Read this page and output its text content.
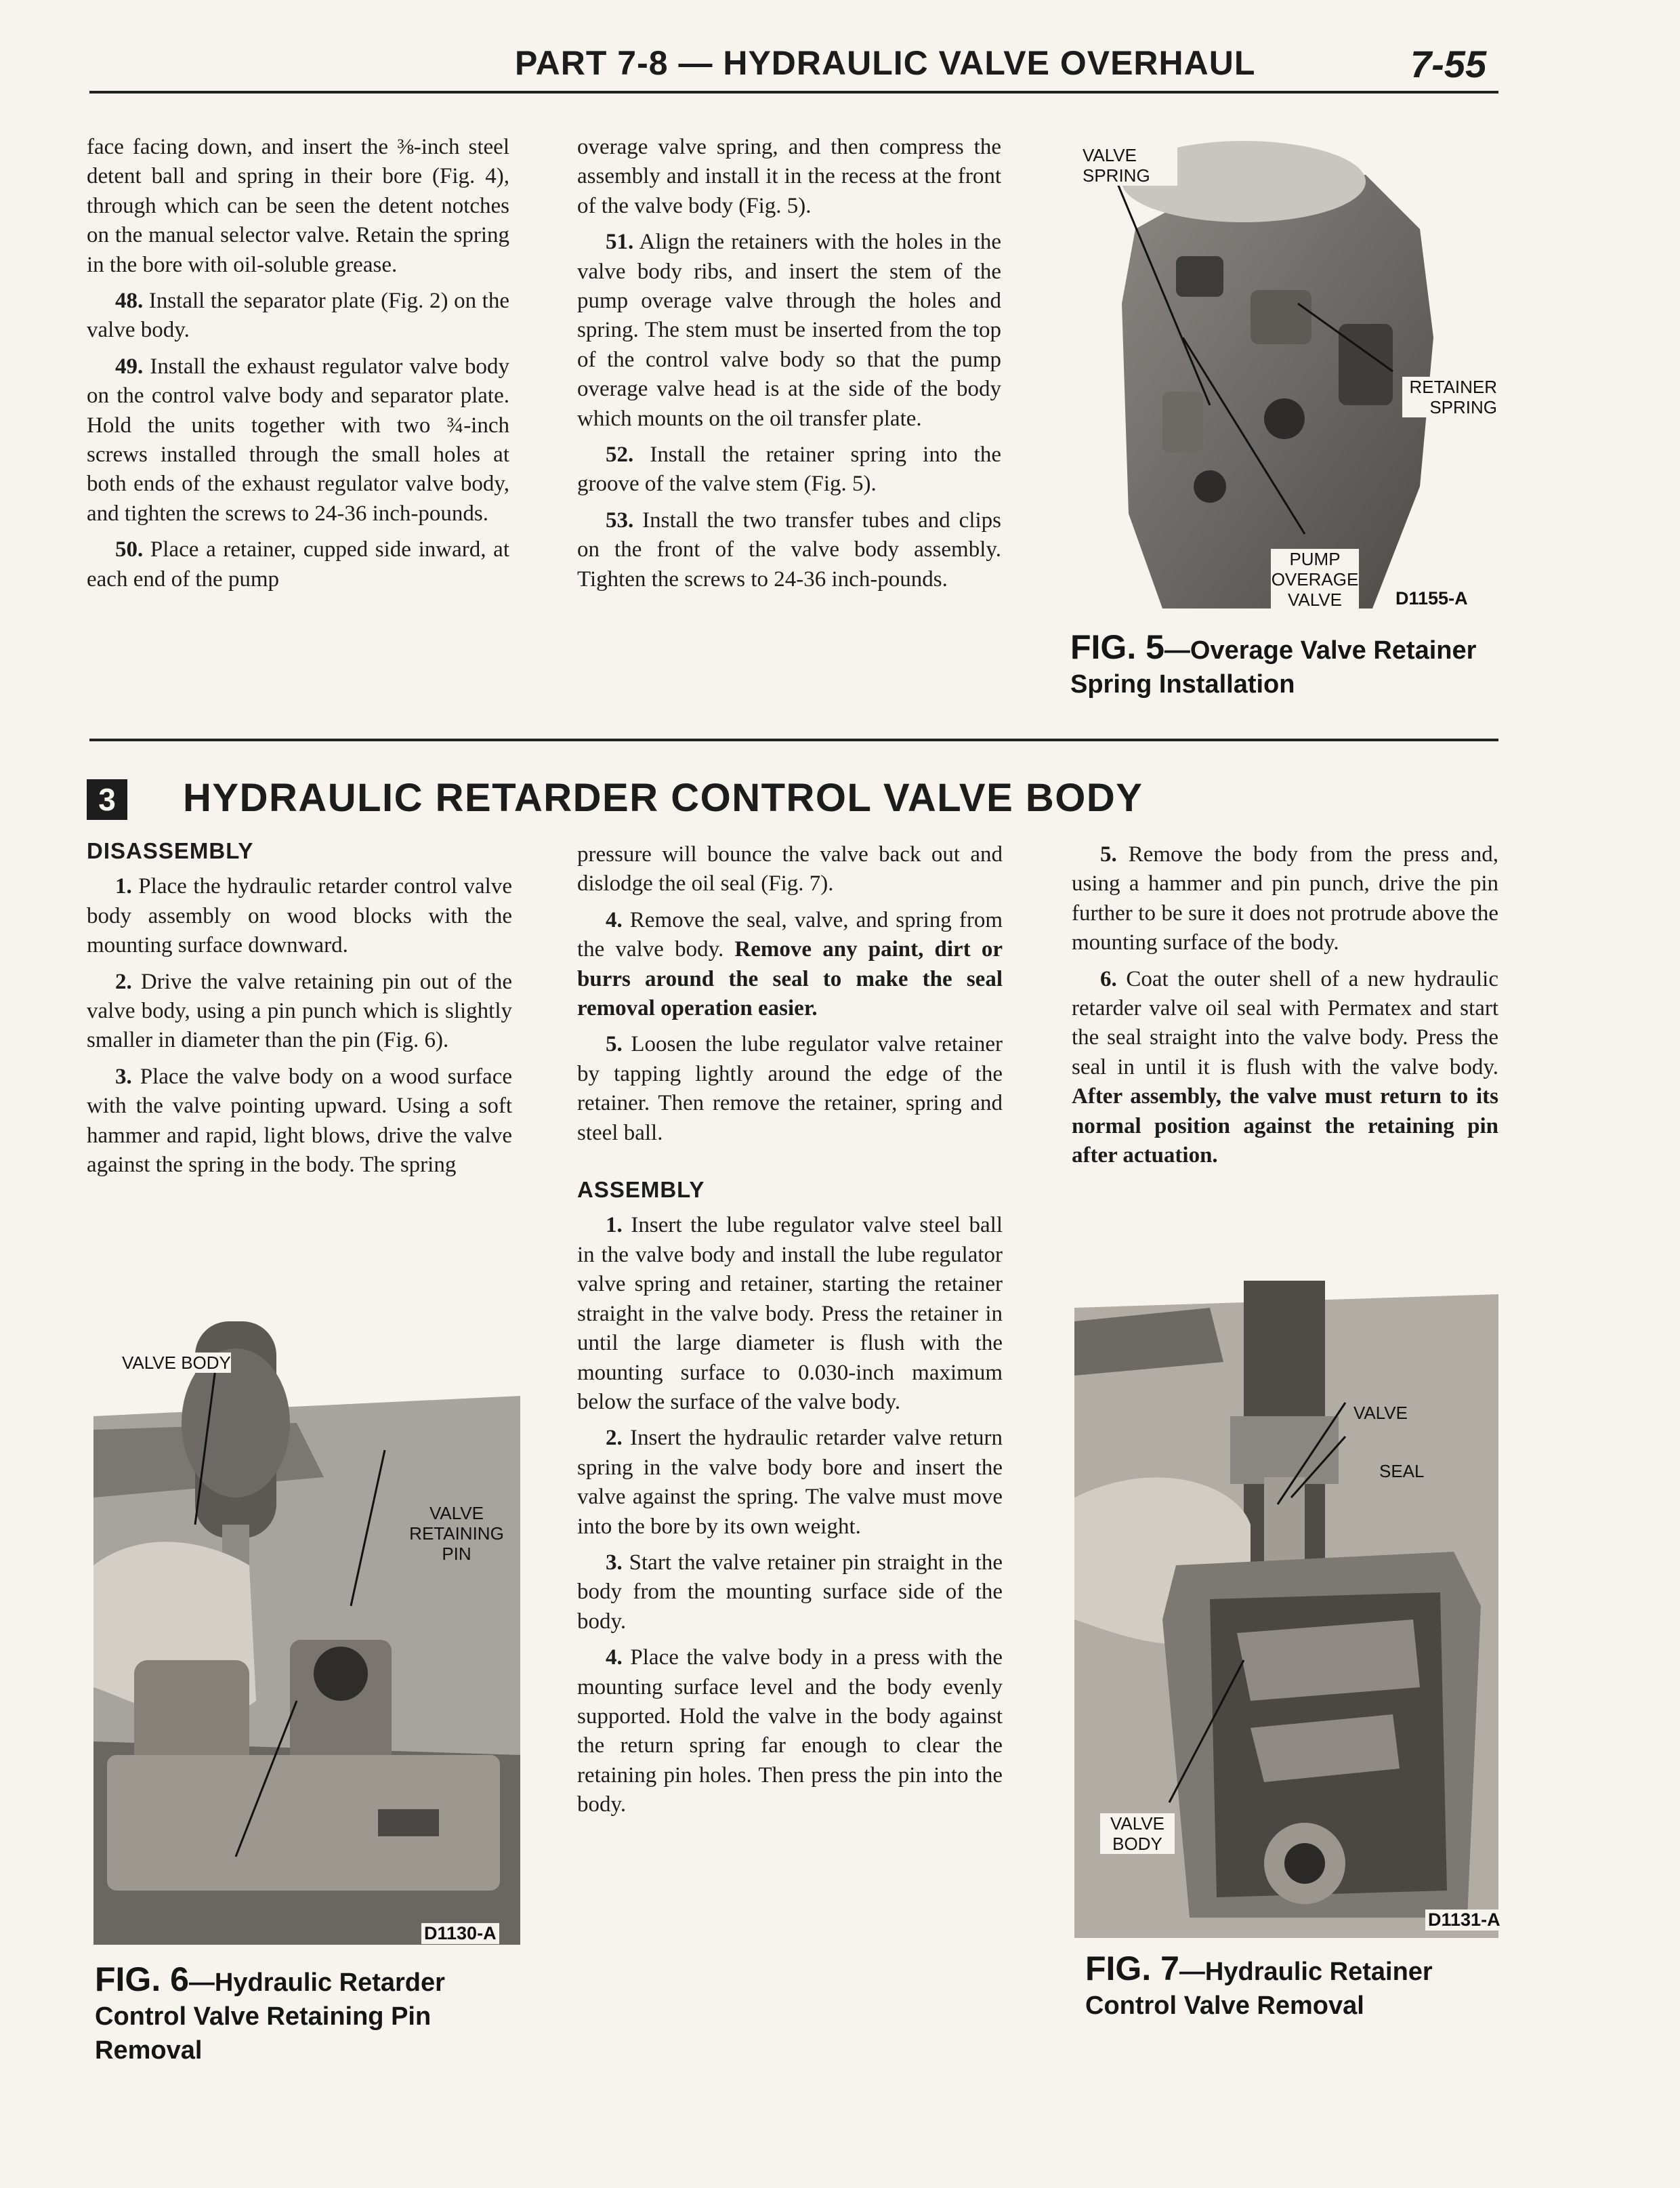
PART 7-8 — HYDRAULIC VALVE OVERHAUL	7-55

face facing down, and insert the ⅜-inch steel detent ball and spring in their bore (Fig. 4), through which can be seen the detent notches on the manual selector valve. Retain the spring in the bore with oil-soluble grease.

48. Install the separator plate (Fig. 2) on the valve body.

49. Install the exhaust regulator valve body on the control valve body and separator plate. Hold the units together with two ¾-inch screws installed through the small holes at both ends of the exhaust regulator valve body, and tighten the screws to 24-36 inch-pounds.

50. Place a retainer, cupped side inward, at each end of the pump

overage valve spring, and then compress the assembly and install it in the recess at the front of the valve body (Fig. 5).

51. Align the retainers with the holes in the valve body ribs, and insert the stem of the pump overage valve through the holes and spring. The stem must be inserted from the top of the control valve body so that the pump overage valve head is at the side of the body which mounts on the oil transfer plate.

52. Install the retainer spring into the groove of the valve stem (Fig. 5).

53. Install the two transfer tubes and clips on the front of the valve body assembly. Tighten the screws to 24-36 inch-pounds.

VALVE SPRING
RETAINER SPRING
PUMP OVERAGE VALVE	D1155-A
FIG. 5—Overage Valve Retainer Spring Installation
3 HYDRAULIC RETARDER CONTROL VALVE BODY

DISASSEMBLY

1. Place the hydraulic retarder control valve body assembly on wood blocks with the mounting surface downward.

2. Drive the valve retaining pin out of the valve body, using a pin punch which is slightly smaller in diameter than the pin (Fig. 6).

3. Place the valve body on a wood surface with the valve pointing upward. Using a soft hammer and rapid, light blows, drive the valve against the spring in the body. The spring

VALVE BODY
VALVE RETAINING PIN
D1130-A
FIG. 6—Hydraulic Retarder Control Valve Retaining Pin Removal

pressure will bounce the valve back out and dislodge the oil seal (Fig. 7).

4. Remove the seal, valve, and spring from the valve body. Remove any paint, dirt or burrs around the seal to make the seal removal operation easier.

5. Loosen the lube regulator valve retainer by tapping lightly around the edge of the retainer. Then remove the retainer, spring and steel ball.

ASSEMBLY

1. Insert the lube regulator valve steel ball in the valve body and install the lube regulator valve spring and retainer, starting the retainer straight in the valve body. Press the retainer in until the large diameter is flush with the mounting surface to 0.030-inch maximum below the surface of the valve body.

2. Insert the hydraulic retarder valve return spring in the valve body bore and insert the valve against the spring. The valve must move into the bore by its own weight.

3. Start the valve retainer pin straight in the body from the mounting surface side of the body.

4. Place the valve body in a press with the mounting surface level and the body evenly supported. Hold the valve in the body against the return spring far enough to clear the retaining pin holes. Then press the pin into the body.

5. Remove the body from the press and, using a hammer and pin punch, drive the pin further to be sure it does not protrude above the mounting surface of the body.

6. Coat the outer shell of a new hydraulic retarder valve oil seal with Permatex and start the seal straight into the valve body. Press the seal in until it is flush with the valve body. After assembly, the valve must return to its normal position against the retaining pin after actuation.

VALVE
SEAL
VALVE BODY
D1131-A
FIG. 7—Hydraulic Retainer Control Valve Removal
